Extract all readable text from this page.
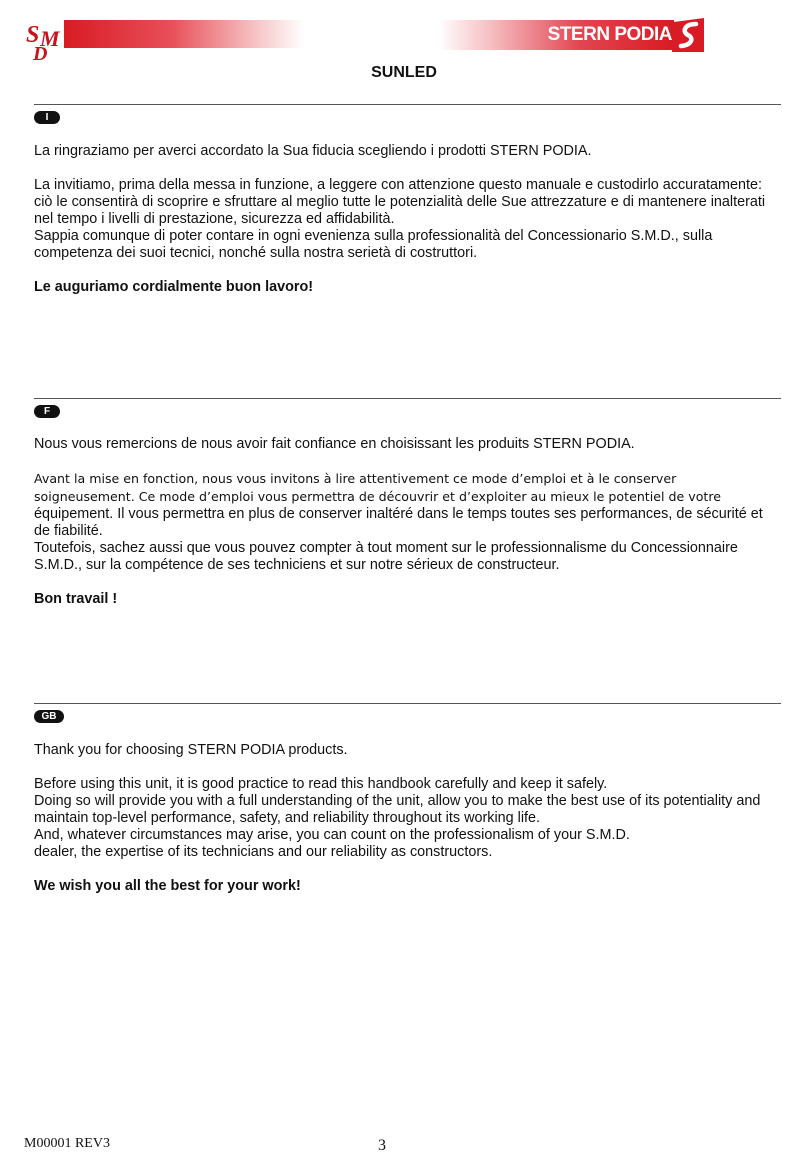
S M
D
STERN PODIA
SUNLED
I

La ringraziamo per averci accordato la Sua fiducia scegliendo i prodotti STERN PODIA.

La invitiamo, prima della messa in funzione, a leggere con attenzione questo manuale e custodirlo accuratamente: ciò le consentirà di scoprire e sfruttare al meglio tutte le potenzialità delle Sue attrezzature e di mantenere inalterati nel tempo i livelli di prestazione, sicurezza ed affidabilità.

Sappia comunque di poter contare in ogni evenienza sulla professionalità del Concessionario S.M.D., sulla competenza dei suoi tecnici, nonché sulla nostra serietà di costruttori.

Le auguriamo cordialmente buon lavoro!

F

Nous vous remercions de nous avoir fait confiance en choisissant les produits STERN PODIA.

Avant la mise en fonction, nous vous invitons à lire attentivement ce mode d’emploi et à le conserver
soigneusement. Ce mode d’emploi vous permettra de découvrir et d’exploiter au mieux le potentiel de votre
équipement. Il vous permettra en plus de conserver inaltéré dans le temps toutes ses performances, de sécurité et de fiabilité.

Toutefois, sachez aussi que vous pouvez compter à tout moment sur le professionnalisme du Concessionnaire S.M.D., sur la compétence de ses techniciens et sur notre sérieux de constructeur.

Bon travail !

GB

Thank you for choosing STERN PODIA products.

Before using this unit, it is good practice to read this handbook carefully and keep it safely.

Doing so will provide you with a full understanding of the unit, allow you to make the best use of its potentiality and maintain top-level performance, safety, and reliability throughout its working life.

And, whatever circumstances may arise, you can count on the professionalism of your S.M.D.

dealer, the expertise of its technicians and our reliability as constructors.

We wish you all the best for your work!

M00001 REV3	3
